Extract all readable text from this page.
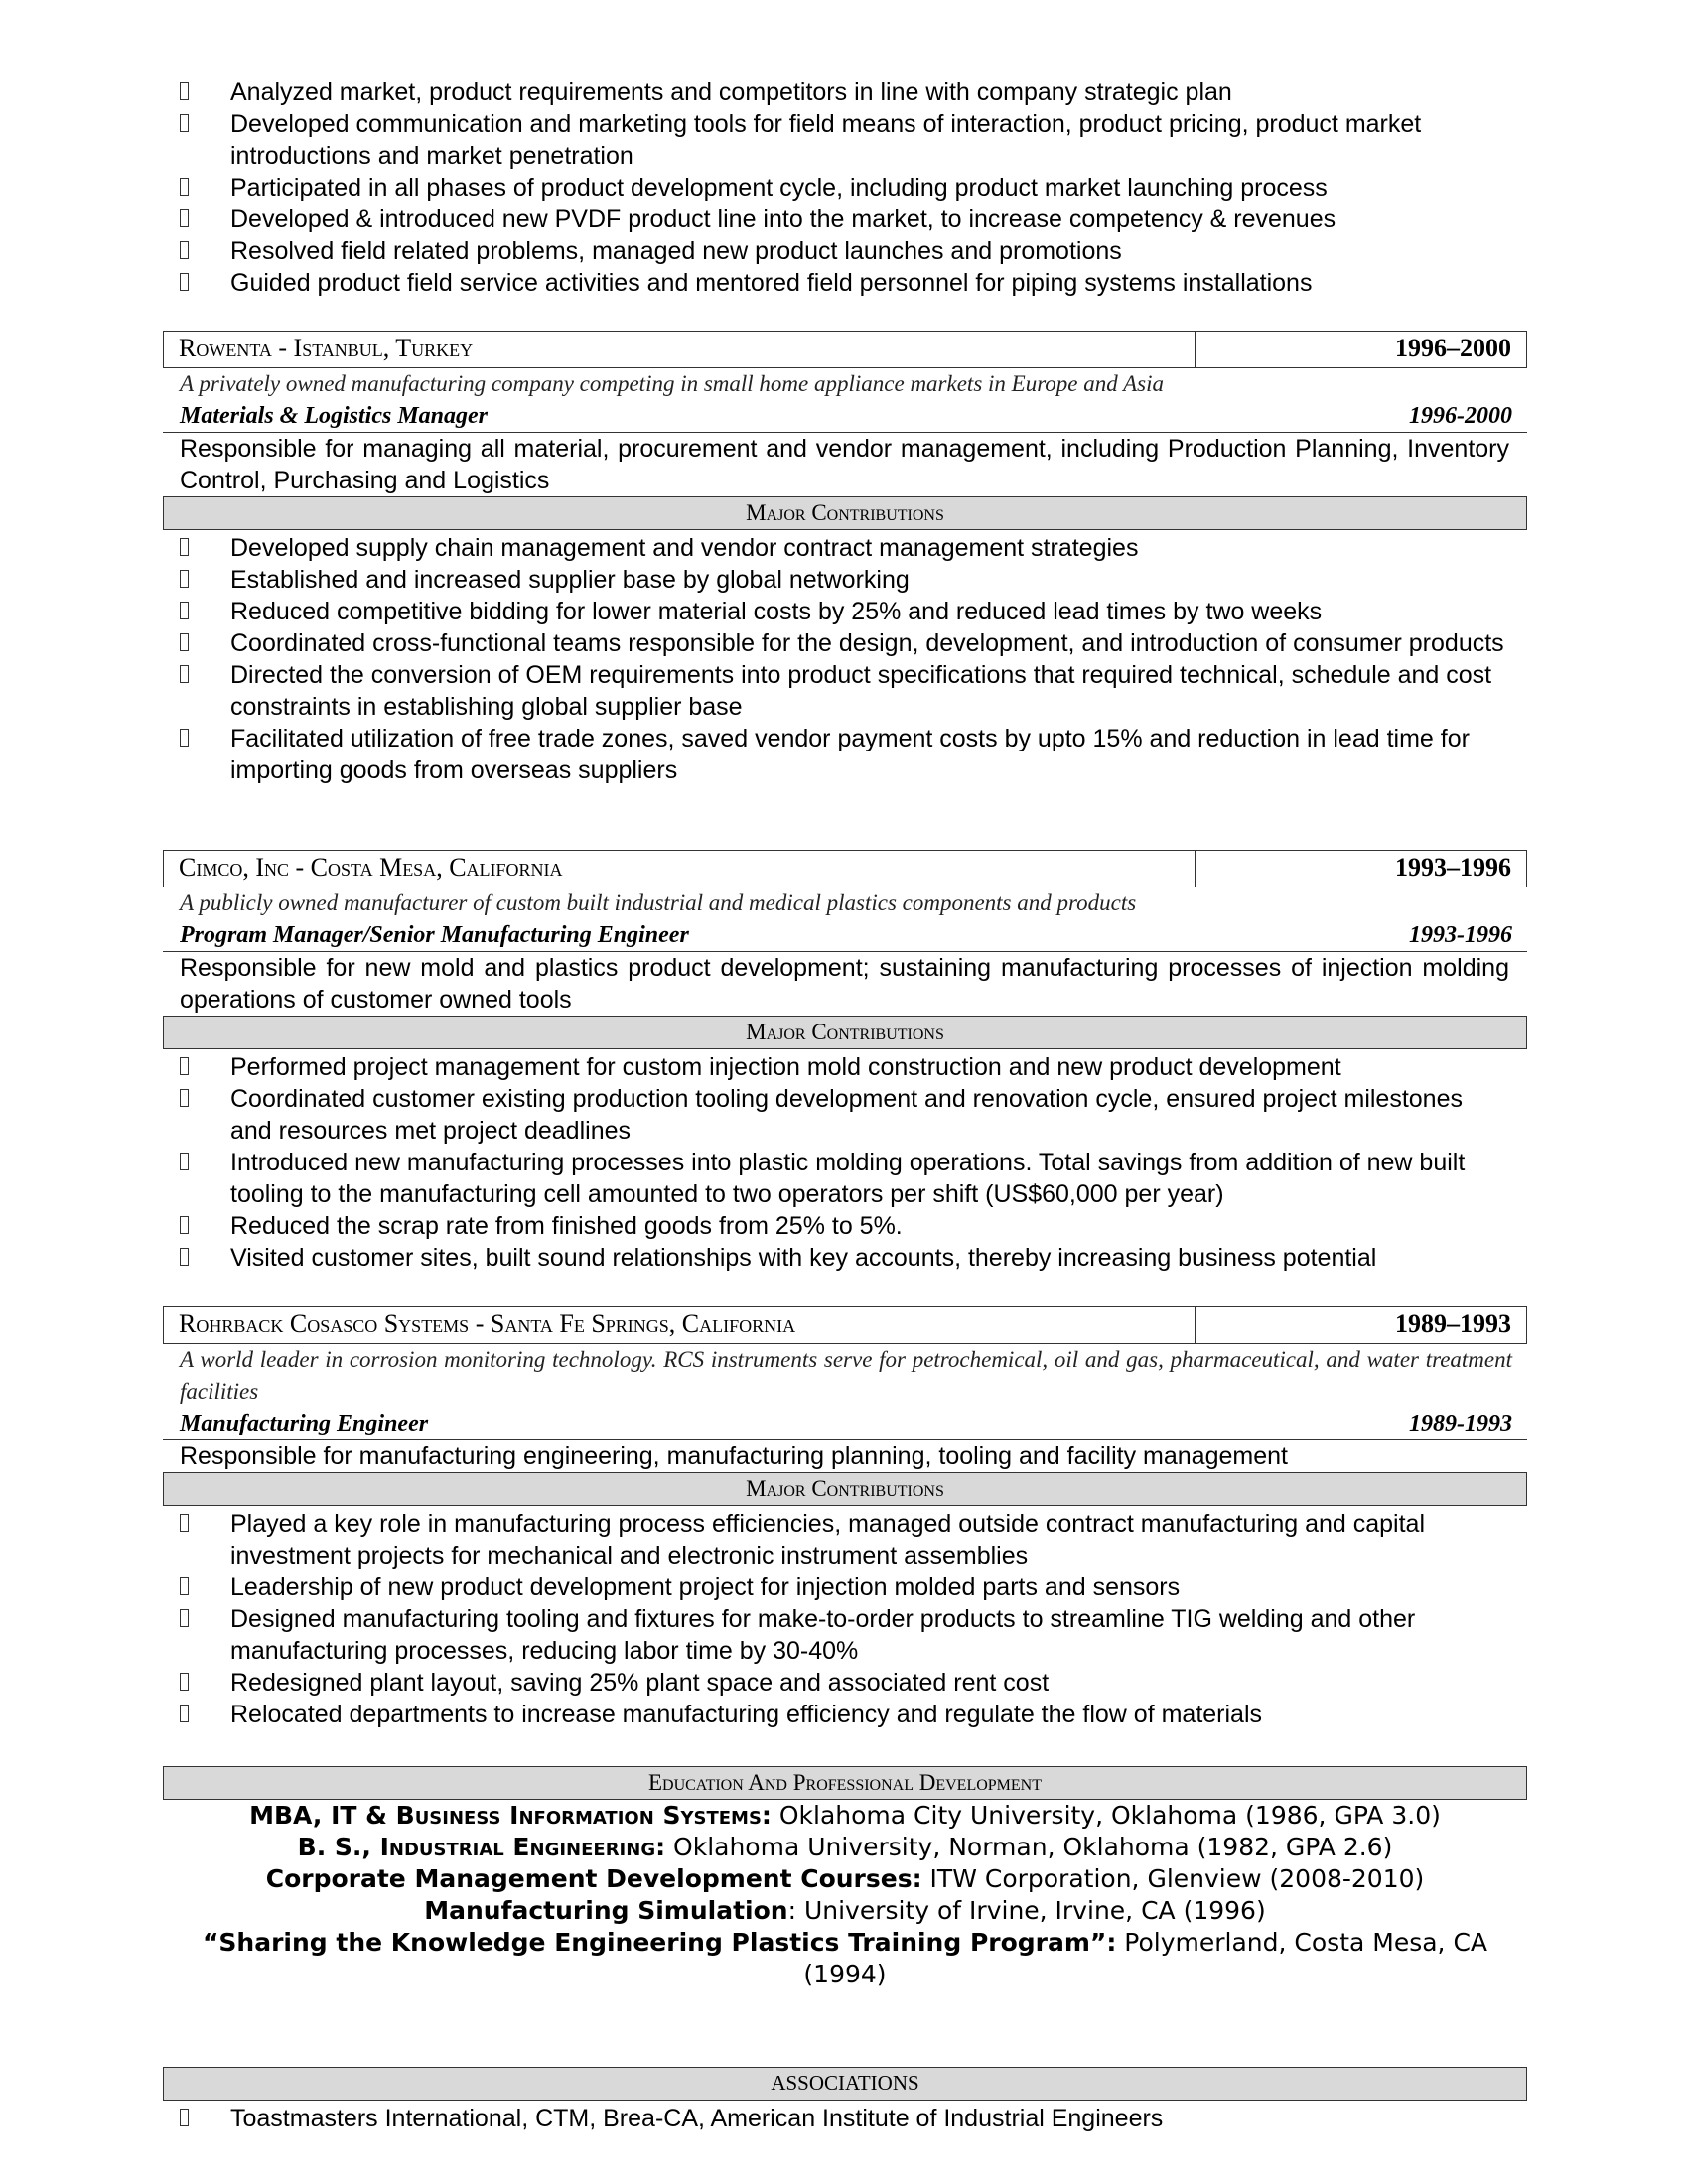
Analyzed market, product requirements and competitors in line with company strategic plan
Developed communication and marketing tools for field means of interaction, product pricing, product market introductions and market penetration
Participated in all phases of product development cycle, including product market launching process
Developed & introduced new PVDF product line into the market, to increase competency & revenues
Resolved field related problems, managed new product launches and promotions
Guided product field service activities and mentored field personnel for piping systems installations
Rowenta - Istanbul, Turkey	1996–2000
A privately owned manufacturing company competing in small home appliance markets in Europe and Asia
Materials & Logistics Manager	1996-2000
Responsible for managing all material, procurement and vendor management, including Production Planning, Inventory Control, Purchasing and Logistics
Major Contributions
Developed supply chain management and vendor contract management strategies
Established and increased supplier base by global networking
Reduced competitive bidding for lower material costs by 25% and reduced lead times by two weeks
Coordinated cross-functional teams responsible for the design, development, and introduction of consumer products
Directed the conversion of OEM requirements into product specifications that required technical, schedule and cost constraints in establishing global supplier base
Facilitated utilization of free trade zones, saved vendor payment costs by upto 15% and reduction in lead time for importing goods from overseas suppliers
Cimco, Inc - Costa Mesa, California	1993–1996
A publicly owned manufacturer of custom built industrial and medical plastics components and products
Program Manager/Senior Manufacturing Engineer	1993-1996
Responsible for new mold and plastics product development; sustaining manufacturing processes of injection molding operations of customer owned tools
Major Contributions
Performed project management for custom injection mold construction and new product development
Coordinated customer existing production tooling development and renovation cycle, ensured project milestones and resources met project deadlines
Introduced new manufacturing processes into plastic molding operations. Total savings from addition of new built tooling to the manufacturing cell amounted to two operators per shift (US$60,000 per year)
Reduced the scrap rate from finished goods from 25% to 5%.
Visited customer sites, built sound relationships with key accounts, thereby increasing business potential
Rohrback Cosasco Systems - Santa Fe Springs, California	1989–1993
A world leader in corrosion monitoring technology. RCS instruments serve for petrochemical, oil and gas, pharmaceutical, and water treatment facilities
Manufacturing Engineer	1989-1993
Responsible for manufacturing engineering, manufacturing planning, tooling and facility management
Major Contributions
Played a key role in manufacturing process efficiencies, managed outside contract manufacturing and capital investment projects for mechanical and electronic instrument assemblies
Leadership of new product development project for injection molded parts and sensors
Designed manufacturing tooling and fixtures for make-to-order products to streamline TIG welding and other manufacturing processes, reducing labor time by 30-40%
Redesigned plant layout, saving 25% plant space and associated rent cost
Relocated departments to increase manufacturing efficiency and regulate the flow of materials
Education And Professional Development
MBA, IT & Business Information Systems: Oklahoma City University, Oklahoma (1986, GPA 3.0)
B. S., Industrial Engineering: Oklahoma University, Norman, Oklahoma (1982, GPA 2.6)
Corporate Management Development Courses: ITW Corporation, Glenview (2008-2010)
Manufacturing Simulation: University of Irvine, Irvine, CA (1996)
“Sharing the Knowledge Engineering Plastics Training Program”: Polymerland, Costa Mesa, CA (1994)
ASSOCIATIONS
Toastmasters International, CTM, Brea-CA, American Institute of Industrial Engineers
